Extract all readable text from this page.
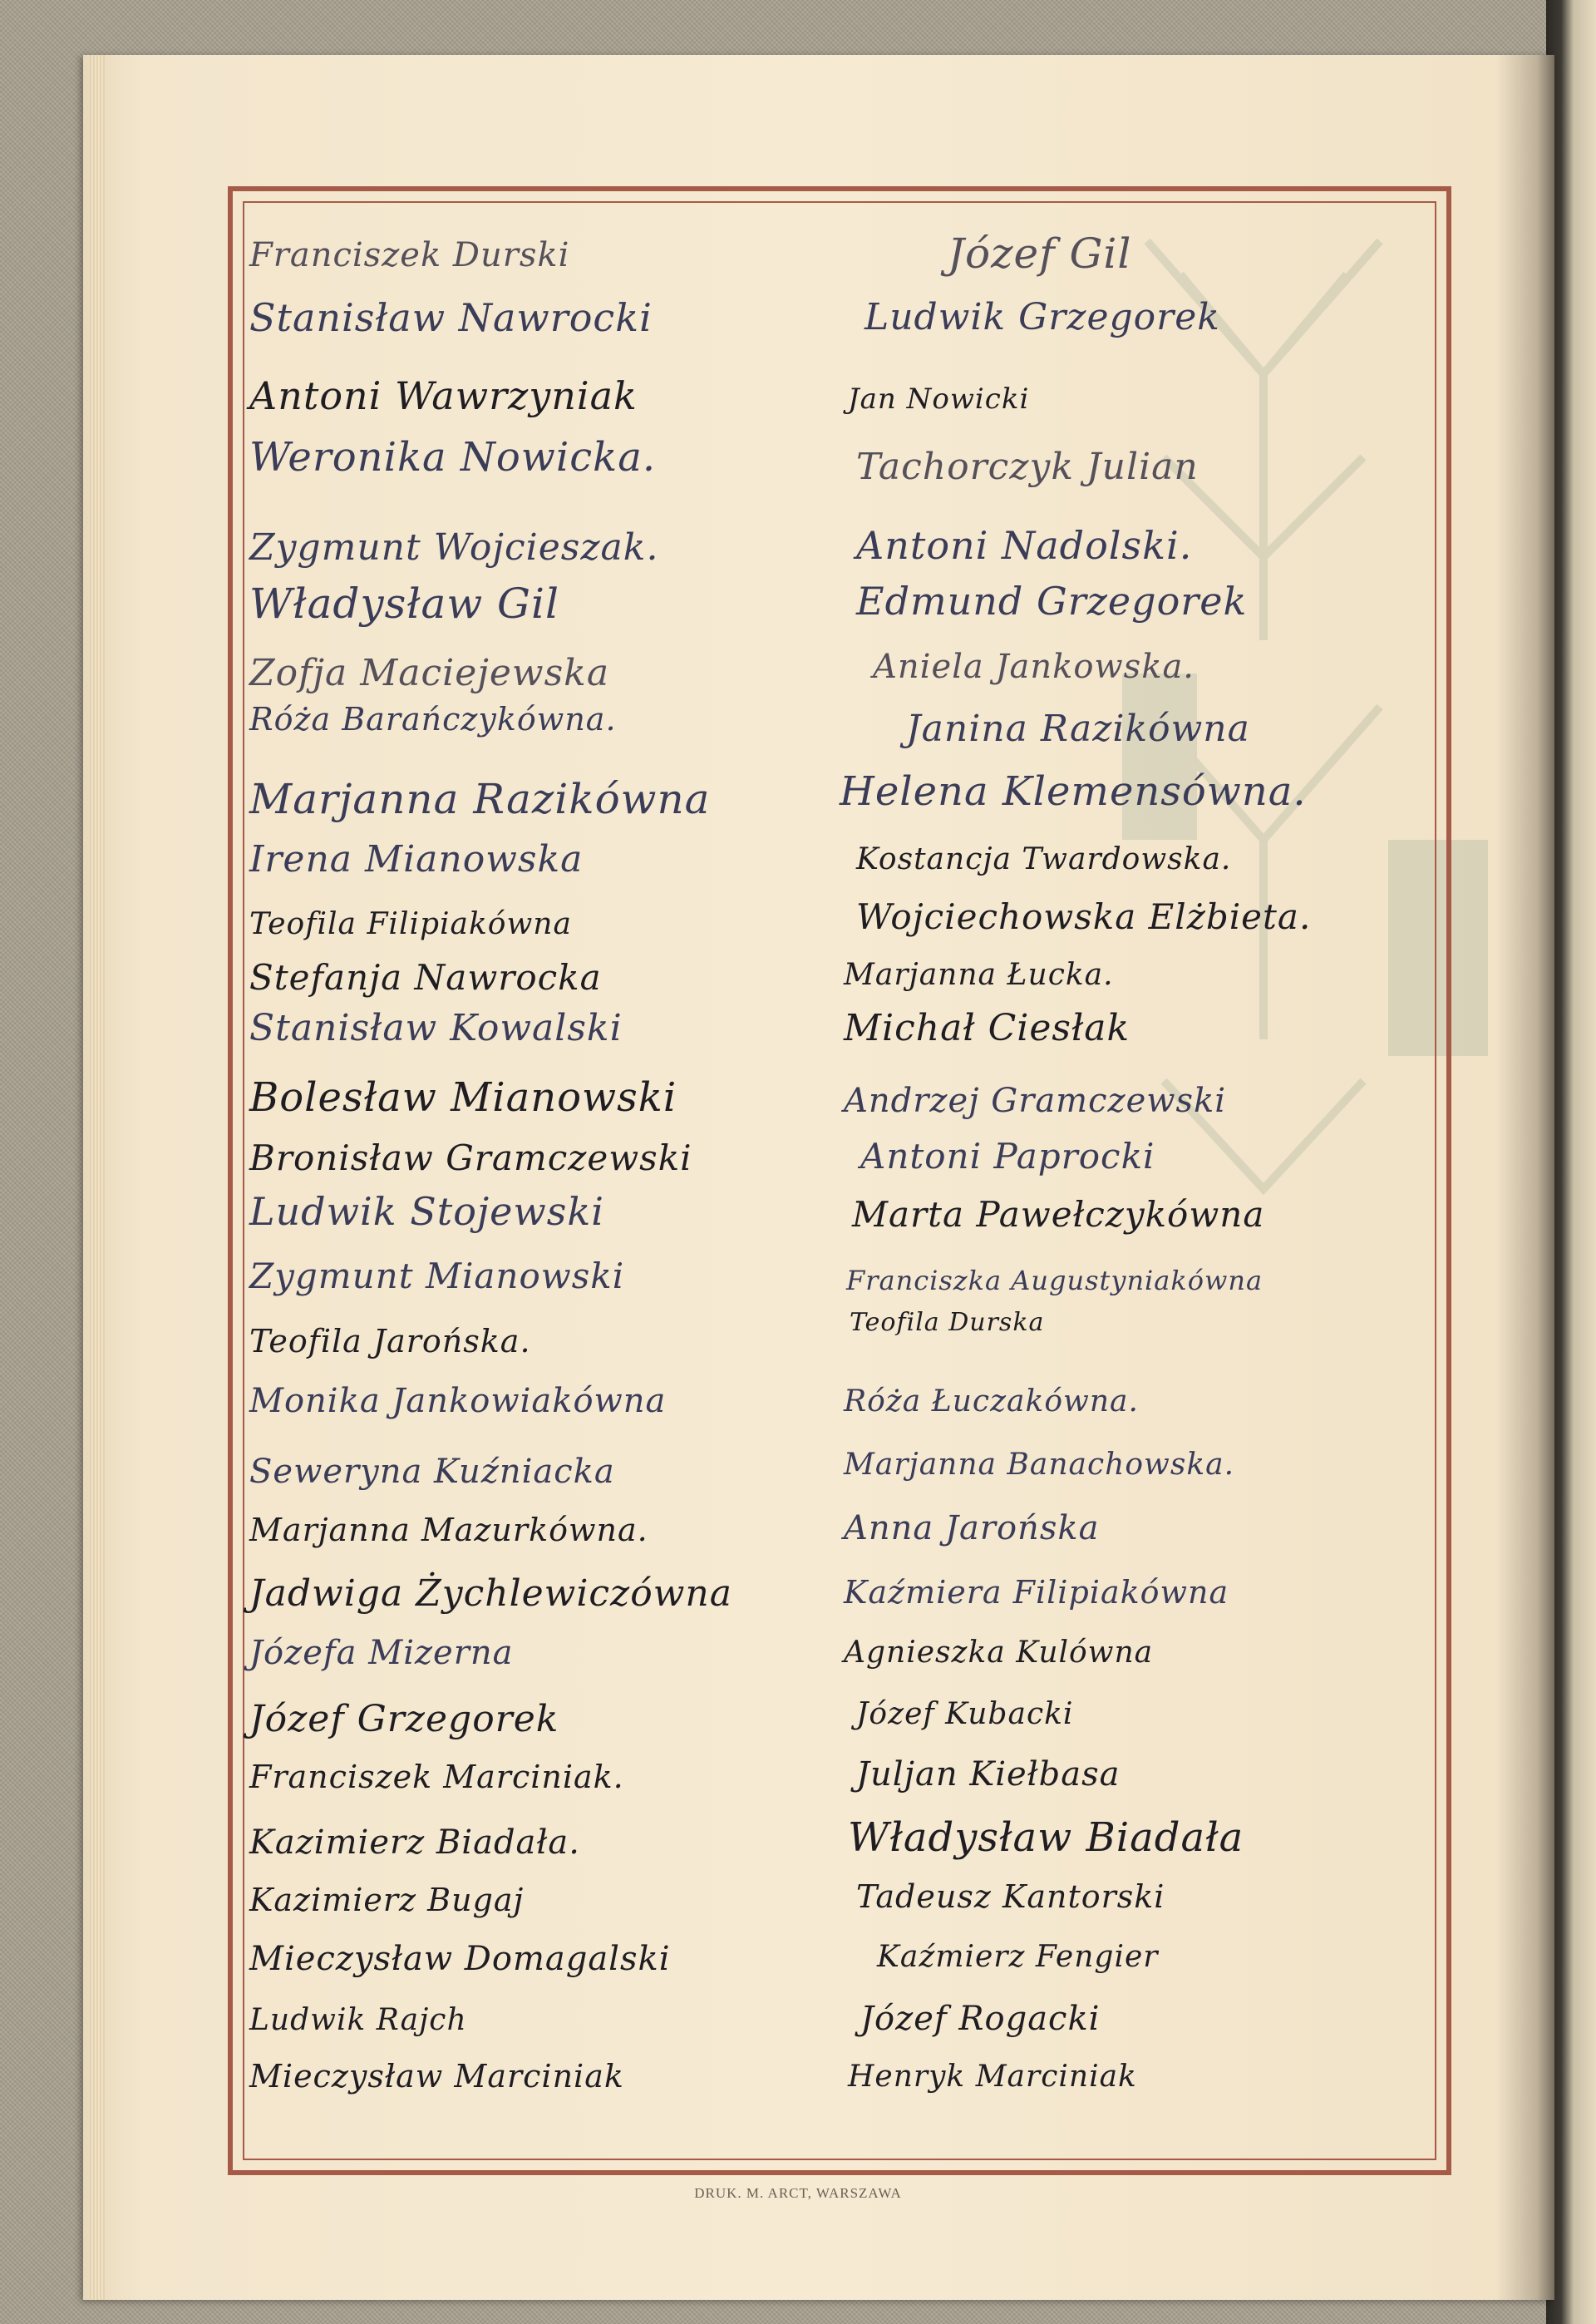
Franciszek Durski
Stanisław Nawrocki
Antoni Wawrzyniak
Weronika Nowicka.
Zygmunt Wojcieszak.
Władysław Gil
Zofja Maciejewska
Róża Barańczykówna.
Marjanna Razikówna
Irena Mianowska
Teofila Filipiakówna
Stefanja Nawrocka
Stanisław Kowalski
Bolesław Mianowski
Bronisław Gramczewski
Ludwik Stojewski
Zygmunt Mianowski
Teofila Jarońska.
Monika Jankowiakówna
Seweryna Kuźniacka
Marjanna Mazurkówna.
Jadwiga Żychlewiczówna
Józefa Mizerna
Józef Grzegorek
Franciszek Marciniak.
Kazimierz Biadała.
Kazimierz Bugaj
Mieczysław Domagalski
Ludwik Rajch
Mieczysław Marciniak
Józef Gil
Ludwik Grzegorek
Jan Nowicki
Tachorczyk Julian
Antoni Nadolski.
Edmund Grzegorek
Aniela Jankowska.
Janina Razikówna
Helena Klemensówna.
Kostancja Twardowska.
Wojciechowska Elżbieta.
Marjanna Łucka.
Michał Ciesłak
Andrzej Gramczewski
Antoni Paprocki
Marta Pawełczykówna
Franciszka Augustyniakówna
Teofila Durska
Róża Łuczakówna.
Marjanna Banachowska.
Anna Jarońska
Kaźmiera Filipiakówna
Agnieszka Kulówna
Józef Kubacki
Juljan Kiełbasa
Władysław Biadała
Tadeusz Kantorski
Kaźmierz Fengier
Józef Rogacki
Henryk Marciniak
DRUK. M. ARCT, WARSZAWA
